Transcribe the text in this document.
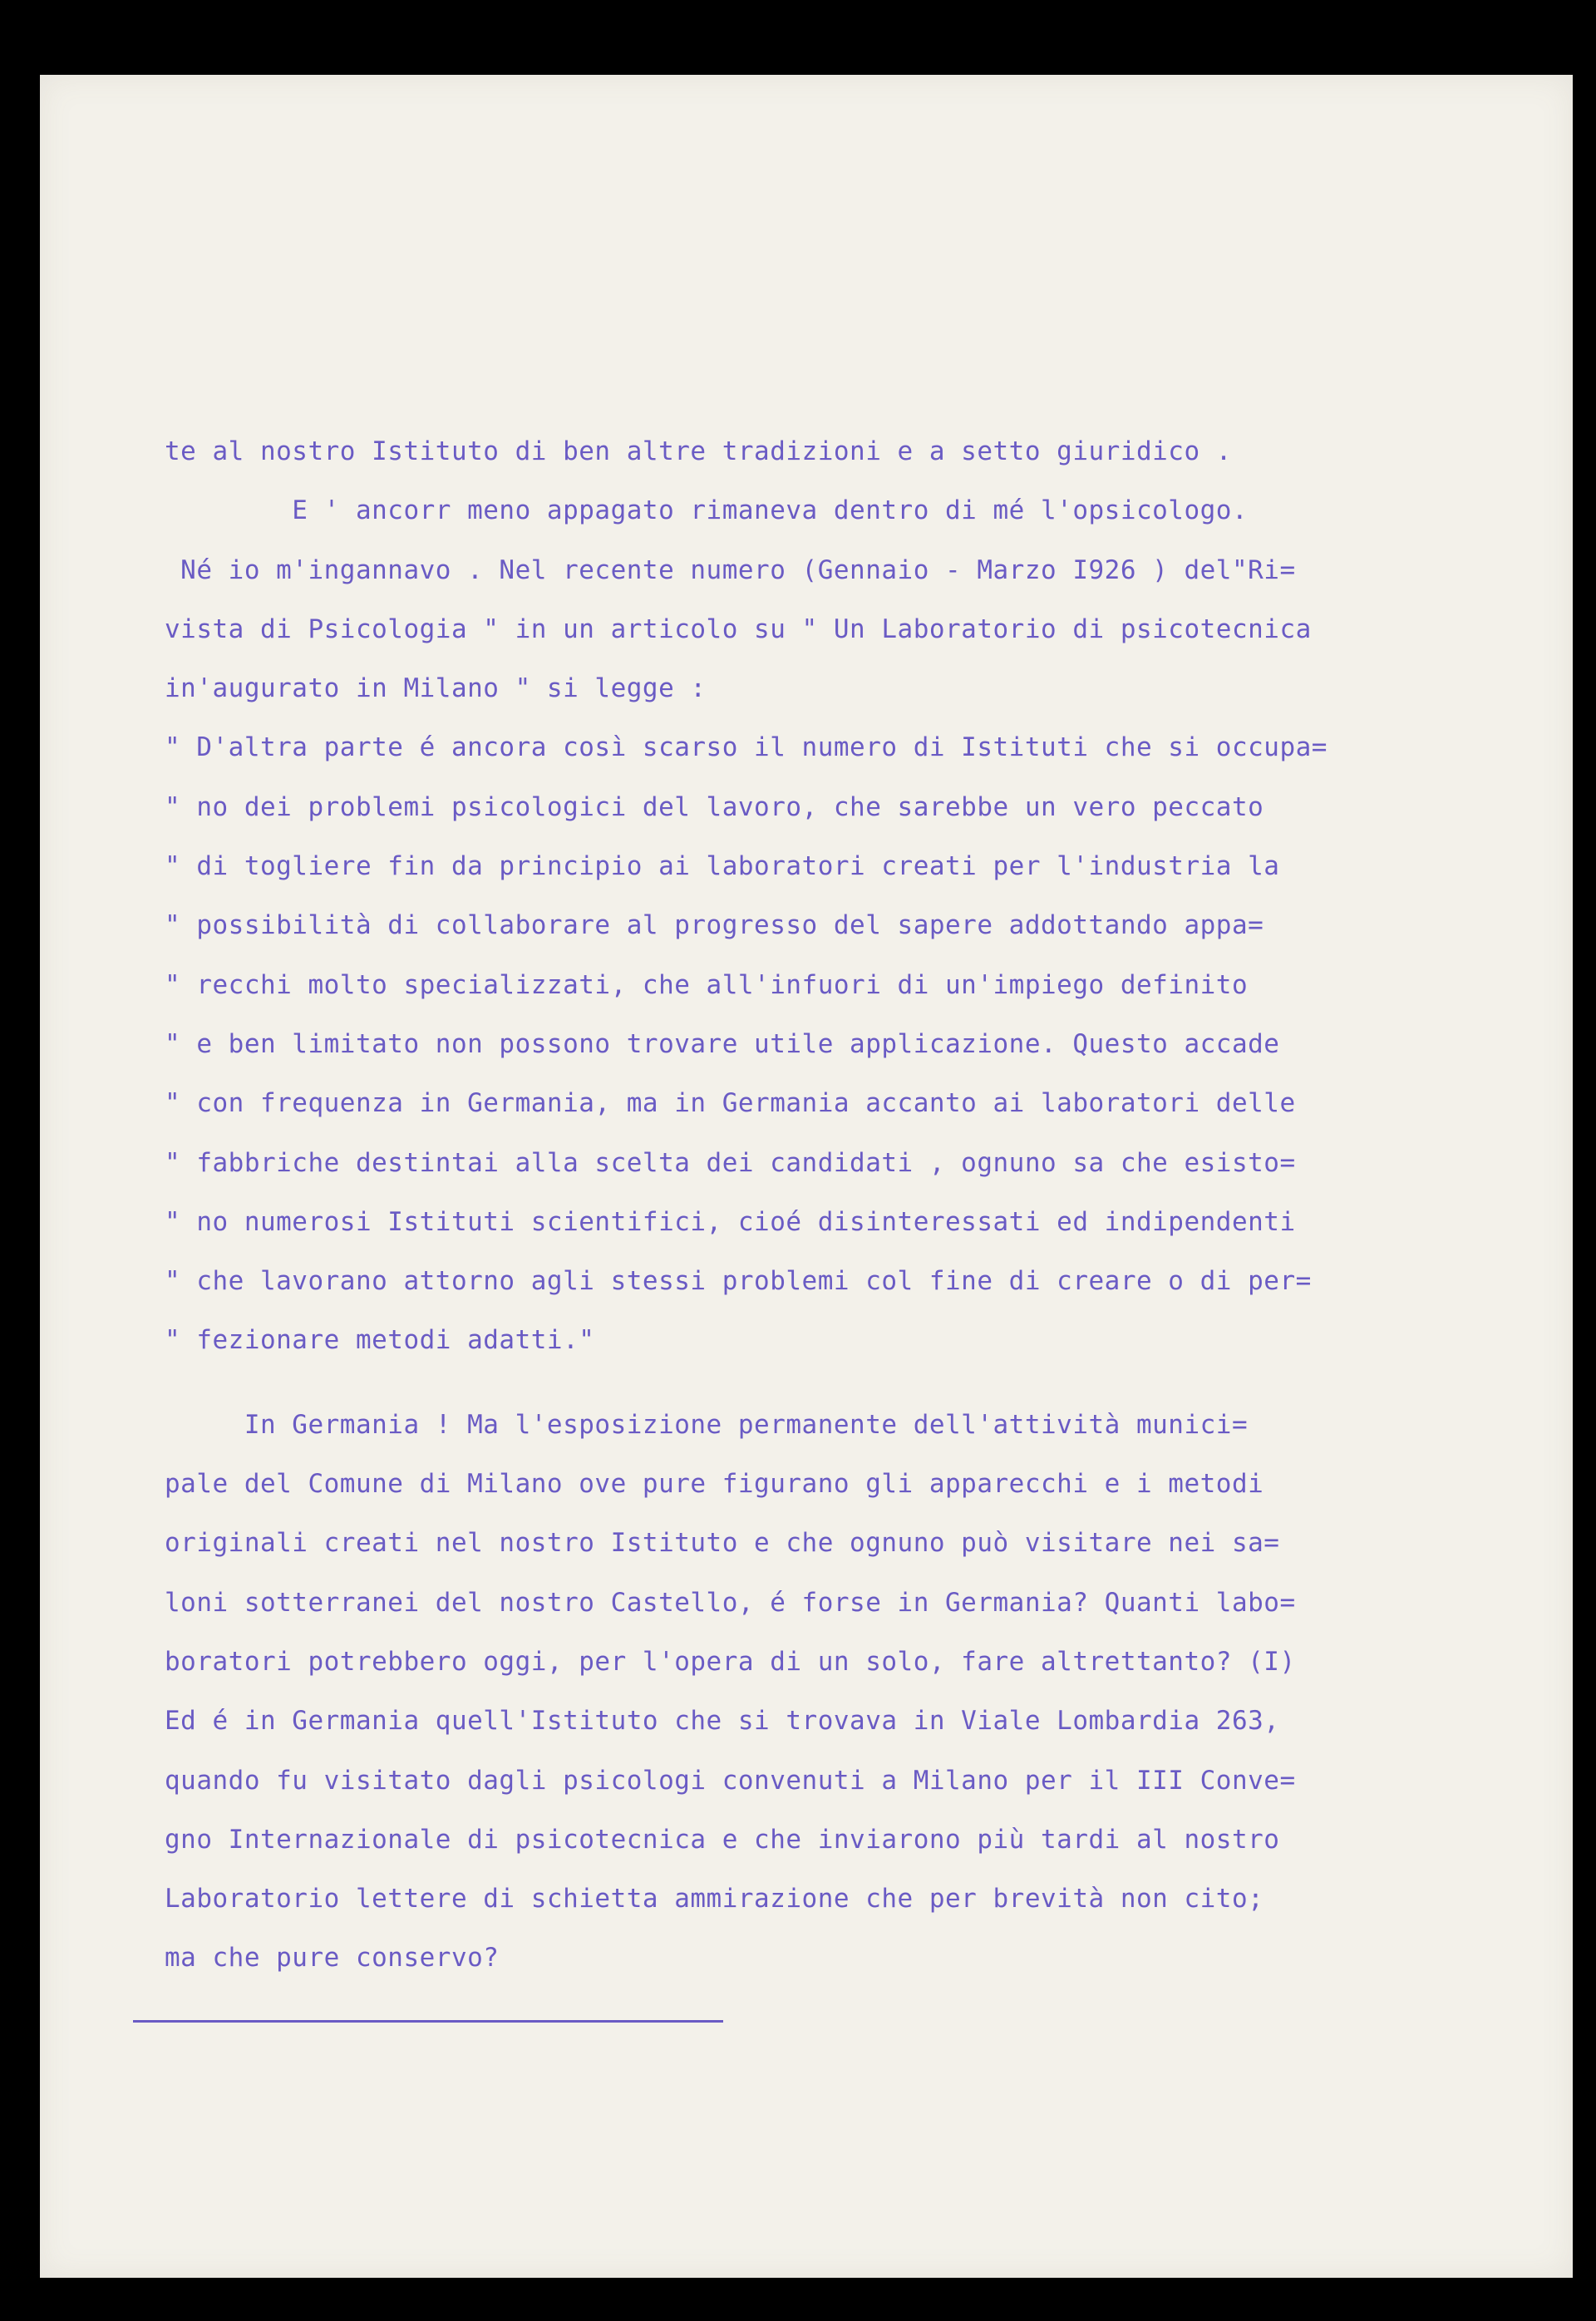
te al nostro Istituto di ben altre tradizioni e a setto giuridico .
E ' ancorr meno appagato rimaneva dentro di mé l'opsicologo.
Né io m'ingannavo . Nel recente numero (Gennaio - Marzo I926 ) del"Ri=
vista di Psicologia " in un articolo su " Un Laboratorio di psicotecnica
in'augurato in Milano " si legge :
" D'altra parte é ancora così scarso il numero di Istituti che si occupa=
" no dei problemi psicologici del lavoro, che sarebbe un vero peccato
" di togliere fin da principio ai laboratori creati per l'industria la
" possibilità di collaborare al progresso del sapere addottando appa=
" recchi molto specializzati, che all'infuori di un'impiego definito
" e ben limitato non possono trovare utile applicazione. Questo accade
" con frequenza in Germania, ma in Germania accanto ai laboratori delle
" fabbriche destintai alla scelta dei candidati , ognuno sa che esisto=
" no numerosi Istituti scientifici, cioé disinteressati ed indipendenti
" che lavorano attorno agli stessi problemi col fine di creare o di per=
" fezionare metodi adatti."
In Germania ! Ma l'esposizione permanente dell'attività munici=
pale del Comune di Milano ove pure figurano gli apparecchi e i metodi
originali creati nel nostro Istituto e che ognuno può visitare nei sa=
loni sotterranei del nostro Castello, é forse in Germania? Quanti labo=
boratori potrebbero oggi, per l'opera di un solo, fare altrettanto? (I)
Ed é in Germania quell'Istituto che si trovava in Viale Lombardia 263,
quando fu visitato dagli psicologi convenuti a Milano per il III Conve=
gno Internazionale di psicotecnica e che inviarono più tardi al nostro
Laboratorio lettere di schietta ammirazione che per brevità non cito;
ma che pure conservo?
